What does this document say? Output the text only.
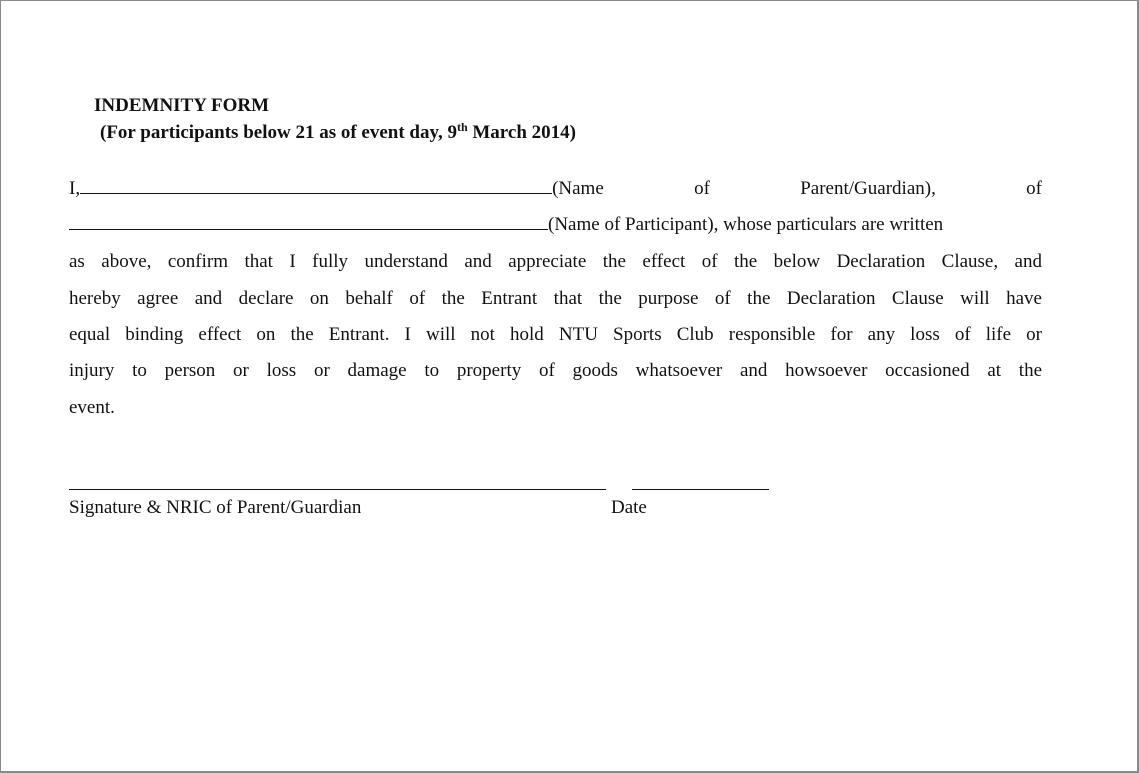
INDEMNITY FORM
(For participants below 21 as of event day, 9th March 2014)
I,	(Name	of	Parent/Guardian),	of
(Name of Participant), whose particulars are written
as above, confirm that I fully understand and appreciate the effect of the below Declaration Clause, and
hereby agree and declare on behalf of the Entrant that the purpose of the Declaration Clause will have
equal binding effect on the Entrant. I will not hold NTU Sports Club responsible for any loss of life or
injury to person or loss or damage to property of goods whatsoever and howsoever occasioned at the
event.
Signature & NRIC of Parent/Guardian	Date
